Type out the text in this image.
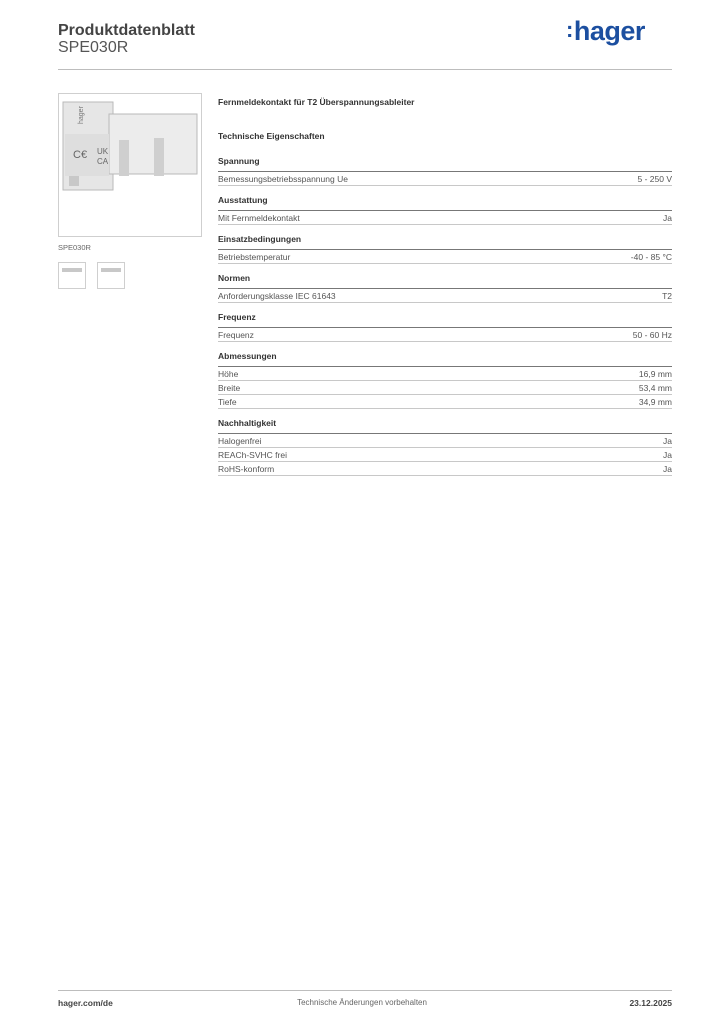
Produktdatenblatt
SPE030R
:hager
C€ UK
CA
hager
SPE030R
Fernmeldekontakt für T2 Überspannungsableiter
Technische Eigenschaften
Spannung
Bemessungsbetriebsspannung Ue	5 - 250 V
Ausstattung
Mit Fernmeldekontakt	Ja
Einsatzbedingungen
Betriebstemperatur	-40 - 85 °C
Normen
Anforderungsklasse IEC 61643	T2
Frequenz
Frequenz	50 - 60 Hz
Abmessungen
Höhe	16,9 mm
Breite	53,4 mm
Tiefe	34,9 mm
Nachhaltigkeit
Halogenfrei	Ja
REACh-SVHC frei	Ja
RoHS-konform	Ja
hager.com/de	Technische Änderungen vorbehalten	23.12.2025
